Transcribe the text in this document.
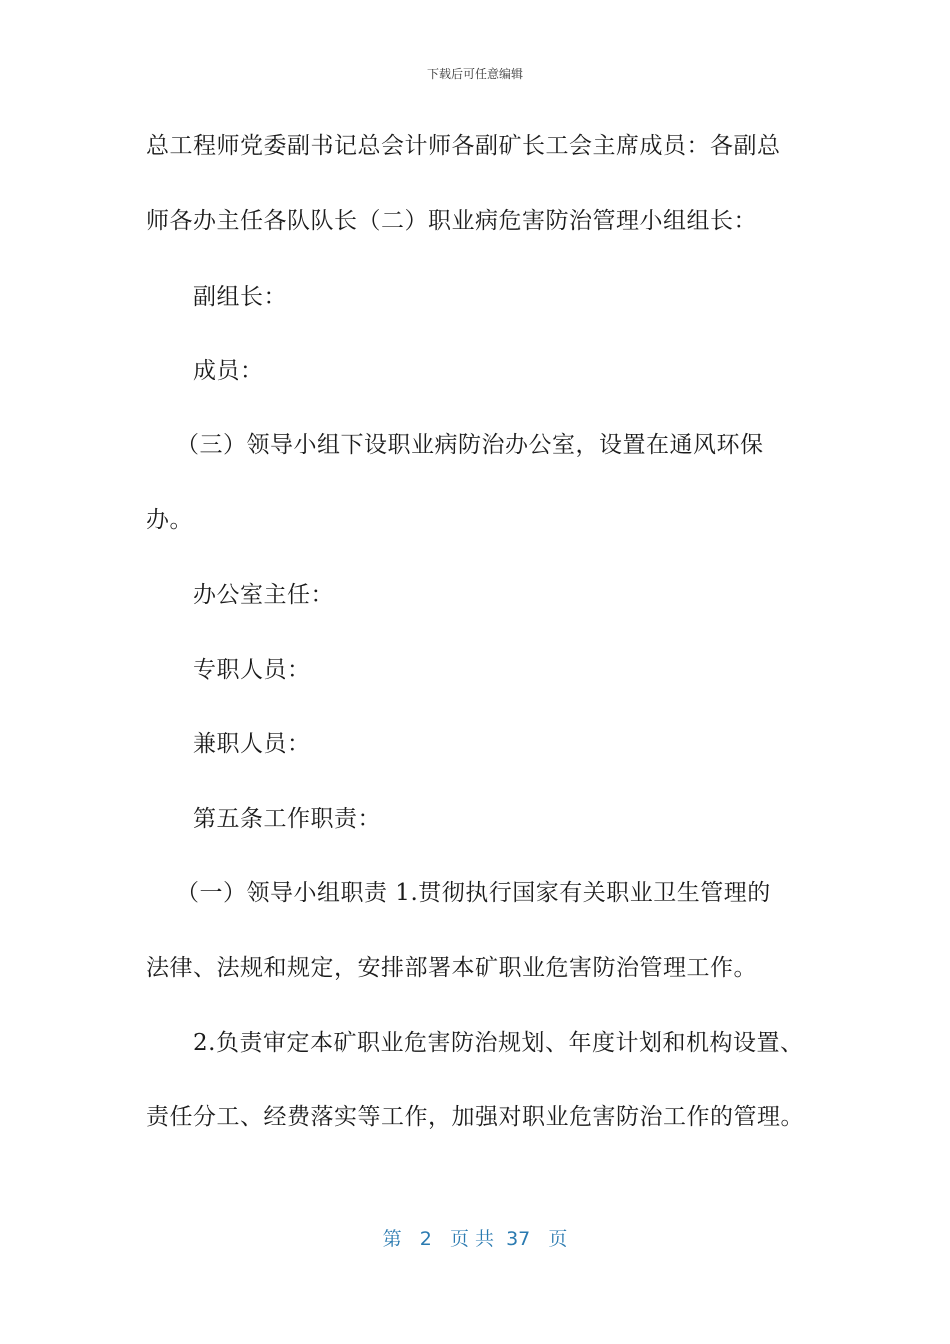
下载后可任意编辑
总工程师党委副书记总会计师各副矿长工会主席成员：各副总
师各办主任各队队长（二）职业病危害防治管理小组组长：
副组长：
成员：
（三）领导小组下设职业病防治办公室，设置在通风环保
办。
办公室主任：
专职人员：
兼职人员：
第五条工作职责：
（一）领导小组职责 1.贯彻执行国家有关职业卫生管理的
法律、法规和规定，安排部署本矿职业危害防治管理工作。
2.负责审定本矿职业危害防治规划、年度计划和机构设置、
责任分工、经费落实等工作，加强对职业危害防治工作的管理。
第 2 页 共 37 页
